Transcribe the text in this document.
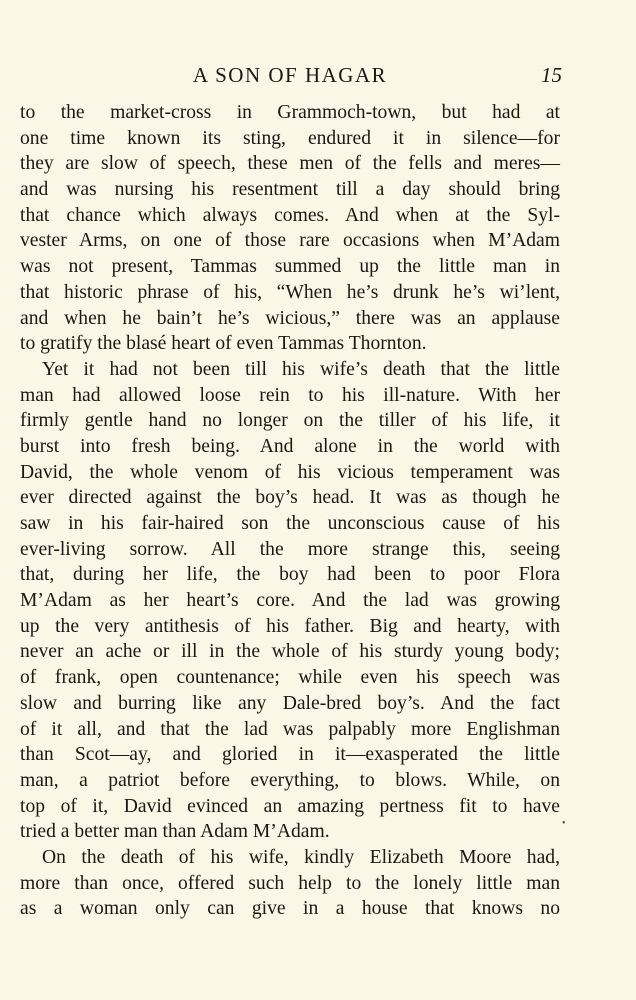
A SON OF HAGAR	15
to the market-cross in Grammoch-town, but had at
one time known its sting, endured it in silence—for
they are slow of speech, these men of the fells and meres—
and was nursing his resentment till a day should bring
that chance which always comes. And when at the Syl-
vester Arms, on one of those rare occasions when M’Adam
was not present, Tammas summed up the little man in
that historic phrase of his, “When he’s drunk he’s wi’lent,
and when he bain’t he’s wicious,” there was an applause
to gratify the blasé heart of even Tammas Thornton.
Yet it had not been till his wife’s death that the little
man had allowed loose rein to his ill-nature. With her
firmly gentle hand no longer on the tiller of his life, it
burst into fresh being. And alone in the world with
David, the whole venom of his vicious temperament was
ever directed against the boy’s head. It was as though he
saw in his fair-haired son the unconscious cause of his
ever-living sorrow. All the more strange this, seeing
that, during her life, the boy had been to poor Flora
M’Adam as her heart’s core. And the lad was growing
up the very antithesis of his father. Big and hearty, with
never an ache or ill in the whole of his sturdy young body;
of frank, open countenance; while even his speech was
slow and burring like any Dale-bred boy’s. And the fact
of it all, and that the lad was palpably more Englishman
than Scot—ay, and gloried in it—exasperated the little
man, a patriot before everything, to blows. While, on
top of it, David evinced an amazing pertness fit to have
tried a better man than Adam M’Adam.
On the death of his wife, kindly Elizabeth Moore had,
more than once, offered such help to the lonely little man
as a woman only can give in a house that knows no
•
